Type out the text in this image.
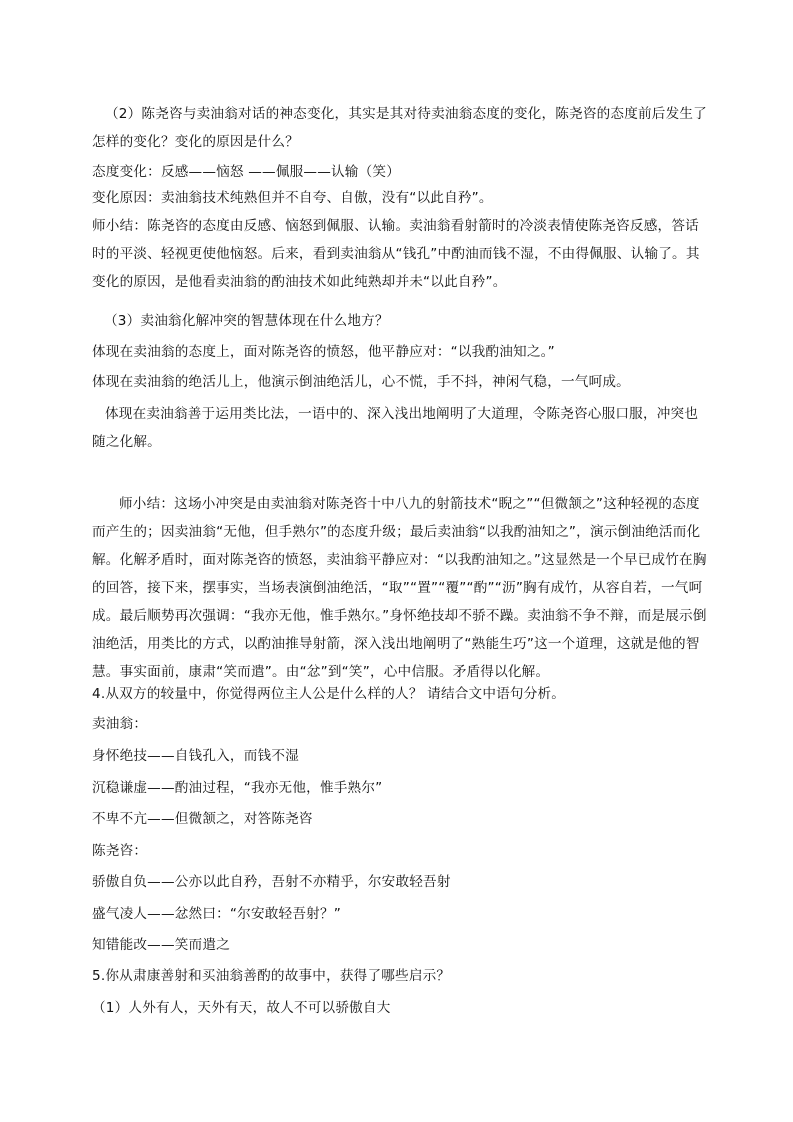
（2）陈尧咨与卖油翁对话的神态变化，其实是其对待卖油翁态度的变化，陈尧咨的态度前后发生了怎样的变化？变化的原因是什么？

态度变化：反感——恼怒 ——佩服——认输（笑）

变化原因：卖油翁技术纯熟但并不自夸、自傲，没有“以此自矜”。

师小结：陈尧咨的态度由反感、恼怒到佩服、认输。卖油翁看射箭时的冷淡表情使陈尧咨反感，答话时的平淡、轻视更使他恼怒。后来，看到卖油翁从“钱孔”中酌油而钱不湿，不由得佩服、认输了。其变化的原因，是他看卖油翁的酌油技术如此纯熟却并未“以此自矜”。

（3）卖油翁化解冲突的智慧体现在什么地方？

体现在卖油翁的态度上，面对陈尧咨的愤怒，他平静应对：“以我酌油知之。”

体现在卖油翁的绝活儿上，他演示倒油绝活儿，心不慌，手不抖，神闲气稳，一气呵成。

体现在卖油翁善于运用类比法，一语中的、深入浅出地阐明了大道理，令陈尧咨心服口服，冲突也随之化解。

师小结：这场小冲突是由卖油翁对陈尧咨十中八九的射箭技术“睨之”“但微颔之”这种轻视的态度而产生的；因卖油翁“无他，但手熟尔”的态度升级；最后卖油翁“以我酌油知之”，演示倒油绝活而化解。化解矛盾时，面对陈尧咨的愤怒，卖油翁平静应对：“以我酌油知之。”这显然是一个早已成竹在胸的回答，接下来，摆事实，当场表演倒油绝活，“取”“置”“覆”“酌”“沥”胸有成竹，从容自若，一气呵成。最后顺势再次强调：“我亦无他，惟手熟尔。”身怀绝技却不骄不躁。卖油翁不争不辩，而是展示倒油绝活，用类比的方式，以酌油推导射箭，深入浅出地阐明了“熟能生巧”这一个道理，这就是他的智慧。事实面前，康肃“笑而遣”。由“忿”到“笑”，心中信服。矛盾得以化解。

4.从双方的较量中，你觉得两位主人公是什么样的人？ 请结合文中语句分析。

卖油翁：

身怀绝技——自钱孔入，而钱不湿

沉稳谦虚——酌油过程，“我亦无他，惟手熟尔”

不卑不亢——但微颔之，对答陈尧咨

陈尧咨：

骄傲自负——公亦以此自矜，吾射不亦精乎，尔安敢轻吾射

盛气凌人——忿然曰：“尔安敢轻吾射？”

知错能改——笑而遣之

5.你从肃康善射和买油翁善酌的故事中，获得了哪些启示？

（1）人外有人，天外有天，故人不可以骄傲自大
